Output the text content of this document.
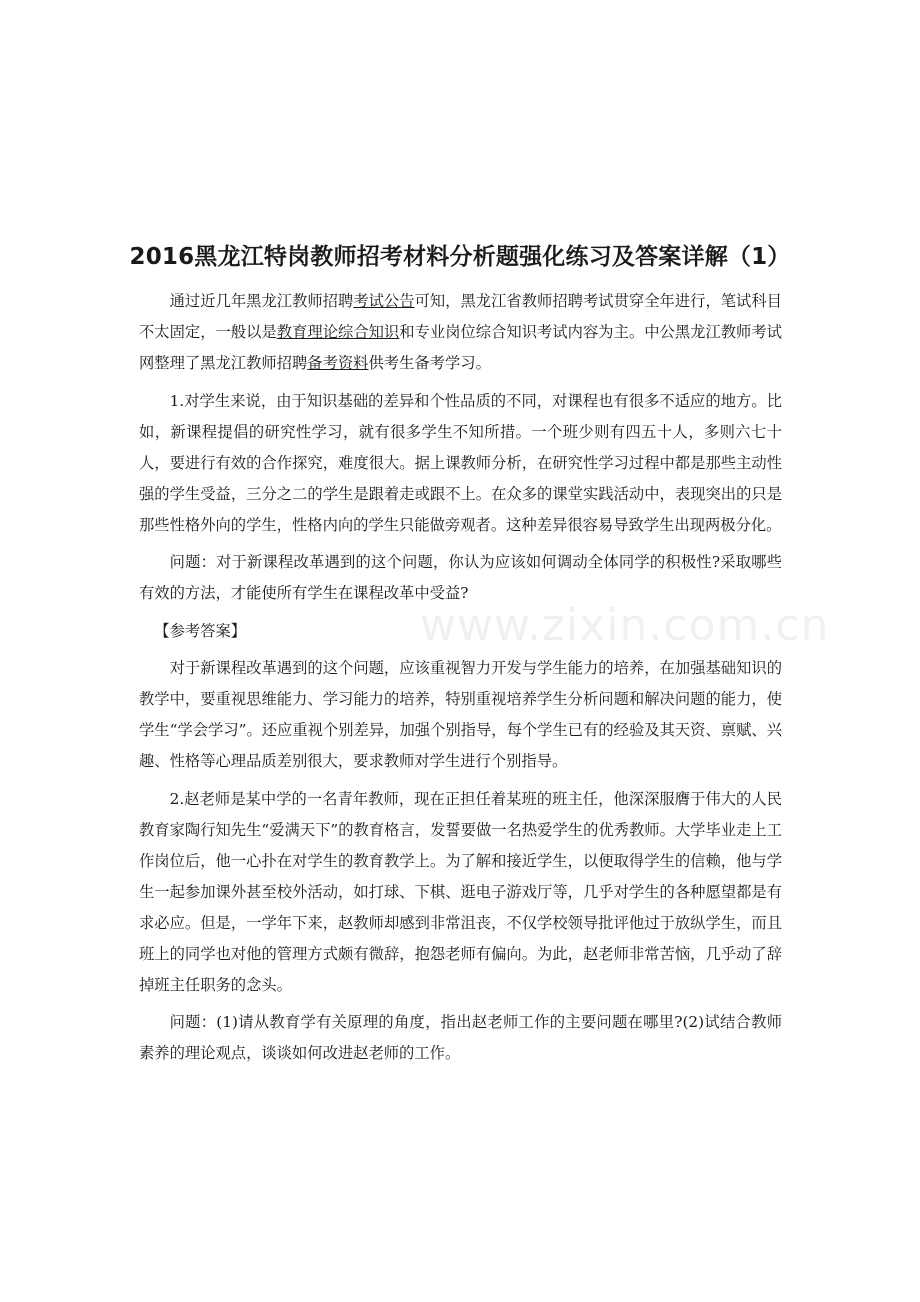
2016黑龙江特岗教师招考材料分析题强化练习及答案详解（1）

通过近几年黑龙江教师招聘考试公告可知，黑龙江省教师招聘考试贯穿全年进行，笔试科目不太固定，一般以是教育理论综合知识和专业岗位综合知识考试内容为主。中公黑龙江教师考试网整理了黑龙江教师招聘备考资料供考生备考学习。

1.对学生来说，由于知识基础的差异和个性品质的不同，对课程也有很多不适应的地方。比如，新课程提倡的研究性学习，就有很多学生不知所措。一个班少则有四五十人，多则六七十人，要进行有效的合作探究，难度很大。据上课教师分析，在研究性学习过程中都是那些主动性强的学生受益，三分之二的学生是跟着走或跟不上。在众多的课堂实践活动中，表现突出的只是那些性格外向的学生，性格内向的学生只能做旁观者。这种差异很容易导致学生出现两极分化。

问题：对于新课程改革遇到的这个问题，你认为应该如何调动全体同学的积极性?采取哪些有效的方法，才能使所有学生在课程改革中受益?

【参考答案】

对于新课程改革遇到的这个问题，应该重视智力开发与学生能力的培养，在加强基础知识的教学中，要重视思维能力、学习能力的培养，特别重视培养学生分析问题和解决问题的能力，使学生“学会学习”。还应重视个别差异，加强个别指导，每个学生已有的经验及其天资、禀赋、兴趣、性格等心理品质差别很大，要求教师对学生进行个别指导。

2.赵老师是某中学的一名青年教师，现在正担任着某班的班主任，他深深服膺于伟大的人民教育家陶行知先生“爱满天下”的教育格言，发誓要做一名热爱学生的优秀教师。大学毕业走上工作岗位后，他一心扑在对学生的教育教学上。为了解和接近学生，以便取得学生的信赖，他与学生一起参加课外甚至校外活动，如打球、下棋、逛电子游戏厅等，几乎对学生的各种愿望都是有求必应。但是，一学年下来，赵教师却感到非常沮丧，不仅学校领导批评他过于放纵学生，而且班上的同学也对他的管理方式颇有微辞，抱怨老师有偏向。为此，赵老师非常苦恼，几乎动了辞掉班主任职务的念头。

问题：(1)请从教育学有关原理的角度，指出赵老师工作的主要问题在哪里?(2)试结合教师素养的理论观点，谈谈如何改进赵老师的工作。

www.zixin.com.cn
